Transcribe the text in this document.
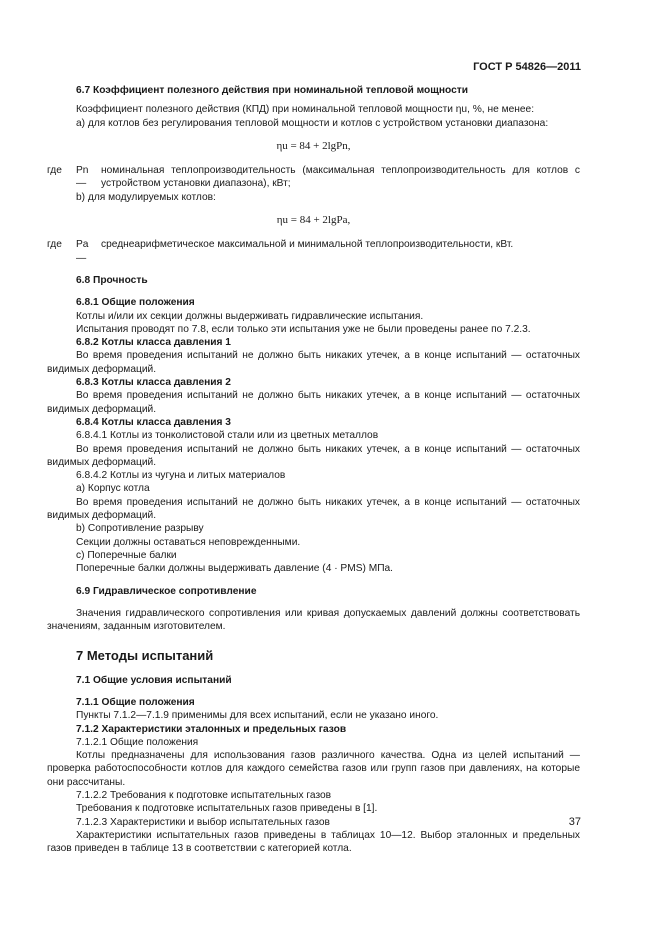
ГОСТ Р 54826—2011

6.7 Коэффициент полезного действия при номинальной тепловой мощности

Коэффициент полезного действия (КПД) при номинальной тепловой мощности ηu, %, не менее:

а) для котлов без регулирования тепловой мощности и котлов с устройством установки диапазона:

ηu = 84 + 2lgPn,
где	Pn —
номинальная теплопроизводительность (максимальная теплопроизводительность для котлов с устройством установки диапазона), кВт;

b) для модулируемых котлов:

ηu = 84 + 2lgPa,
где	Pa —
среднеарифметическое максимальной и минимальной теплопроизводительности, кВт.

6.8 Прочность

6.8.1 Общие положения

Котлы и/или их секции должны выдерживать гидравлические испытания.

Испытания проводят по 7.8, если только эти испытания уже не были проведены ранее по 7.2.3.

6.8.2 Котлы класса давления 1

Во время проведения испытаний не должно быть никаких утечек, а в конце испытаний — остаточных видимых деформаций.

6.8.3 Котлы класса давления 2

Во время проведения испытаний не должно быть никаких утечек, а в конце испытаний — остаточных видимых деформаций.

6.8.4 Котлы класса давления 3

6.8.4.1 Котлы из тонколистовой стали или из цветных металлов

Во время проведения испытаний не должно быть никаких утечек, а в конце испытаний — остаточных видимых деформаций.

6.8.4.2 Котлы из чугуна и литых материалов

а) Корпус котла

Во время проведения испытаний не должно быть никаких утечек, а в конце испытаний — остаточных видимых деформаций.

b) Сопротивление разрыву

Секции должны оставаться неповрежденными.

с) Поперечные балки

Поперечные балки должны выдерживать давление (4 · PMS) МПа.

6.9 Гидравлическое сопротивление

Значения гидравлического сопротивления или кривая допускаемых давлений должны соответствовать значениям, заданным изготовителем.

7 Методы испытаний

7.1 Общие условия испытаний

7.1.1 Общие положения

Пункты 7.1.2—7.1.9 применимы для всех испытаний, если не указано иного.

7.1.2 Характеристики эталонных и предельных газов

7.1.2.1 Общие положения

Котлы предназначены для использования газов различного качества. Одна из целей испытаний — проверка работоспособности котлов для каждого семейства газов или групп газов при давлениях, на которые они рассчитаны.

7.1.2.2 Требования к подготовке испытательных газов

Требования к подготовке испытательных газов приведены в [1].

7.1.2.3 Характеристики и выбор испытательных газов

Характеристики испытательных газов приведены в таблицах 10—12. Выбор эталонных и предельных газов приведен в таблице 13 в соответствии с категорией котла.

37
